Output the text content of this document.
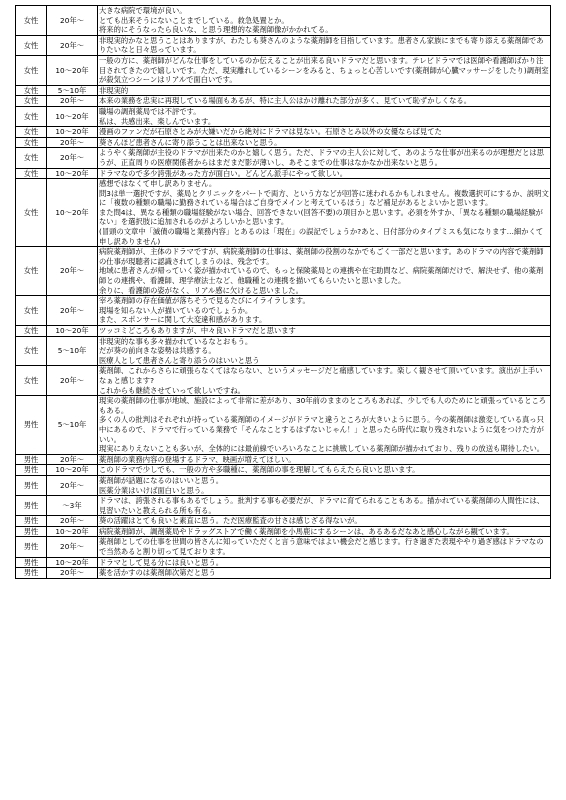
女性	20年～	大きな病院で環境が良い。
とても出来そうにないことまでしている。救急処置とか。
将来的にそうなったら良いな、と思う理想的な薬剤師像がかかれてる。

女性	20年～	非現実的かなと思うことはありますが、わたしも葵さんのような薬剤師を目指しています。患者さん家族にまでも寄り添える薬剤師でありたいなと日々思っています。

女性	10～20年	一般の方に、薬剤師がどんな仕事をしているのか伝えることが出来る良いドラマだと思います。テレビドラマでは医師や看護師ばかり注目されてきたので嬉しいです。ただ、現実離れしているシーンをみると、ちょっと心苦しいです(薬剤師が心臓マッサージをしたり)調剤室が殺気立つシーンはリアルで面白いです。

女性	5～10年	非現実的

女性	20年～	本来の業務を忠実に再現している場面もあるが、特に主人公はかけ離れた部分が多く、見ていて恥ずかしくなる。

女性	10～20年	職場の調剤薬局では不評です。
私は、共感出来、楽しんでいます。

女性	10～20年	漫画のファンだが石原さとみが大嫌いだから絶対にドラマは見ない。石原さとみ以外の女優ならば見てた

女性	20年～	葵さんほど患者さんに寄り添うことは出来ないと思う。

女性	20年～	ようやく薬剤師が主役のドラマが出来たのかと嬉しく思う。ただ、ドラマの主人公に対して、あのような仕事が出来るのが理想だとは思うが、正直周りの医療関係者からはまだまだ影が薄いし、あそこまでの仕事はなかなか出来ないと思う。

女性	10～20年	ドラマなので多少誇張があった方が面白い。どんどん派手にやって欲しい。

女性	10～20年	感想ではなくて申し訳ありません。
問3は単一選択ですが、薬局とクリニックをパートで両方、という方などが回答に迷われるかもしれません。複数選択可にするか、説明文に「複数の種類の職場に勤務されている場合はご自身でメインと考えているほう」など補足があるとよいかと思います。
また問4は、異なる種類の職場経験がない場合、回答できない(回答不要)の項目かと思います。必須を外すか、「異なる種類の職場経験がない」を選択肢に追加されるのがよろしいかと思います。
(冒頭の文章中「滅債の職場と業務内容」とあるのは「現在」の誤記でしょうか?あと、日付部分のタイプミスも気になります…細かくて申し訳ありません)

女性	20年～	病院薬剤師が、主体のドラマですが、病院薬剤師の仕事は、薬剤師の役割のなかでもごく一部だと思います。あのドラマの内容で薬剤師の仕事が現聴者に認識されてしまうのは、残念です。
地域に患者さんが帰っていく姿が描かれているので、もっと保険薬局との連携や在宅助問など、病院薬剤師だけで、解決せず、他の薬剤師との連携や、看護師、理学療法士など、他職種との連携を描いてもらいたいと思いました。
余りに、看護師の姿がなく、リアル感に欠けると思いました。

女性	20年～	宰ろ薬剤師の存在価値が落ちそうで見るたびにイライラします。
現場を知らない人が描いているのでしょうか。
また、スポンサーに関して大変違和感があります。

女性	10～20年	ツッコミどころもありますが、中々良いドラマだと思います

女性	5～10年	非現実的な事も多々描かれているなとおもう。
だが葵の前向きな姿勢は共感する。
医療人として患者さんと寄り添うのはいいと思う

女性	20年～	薬剤師、これからさらに頑張らなくてはならない、というメッセージだと痛感しています。楽しく観させて頂いています。演出が上手いなぁと感じます?
これからも継続させていって欲しいですね。

男性	5～10年	現実の薬剤師の仕事が地域、施設によって非常に差があり、30年前のままのところもあれば、少しでも人のためにと頑張っているところもある。
多くの人の批判はそれぞれが持っている薬剤師のイメージがドラマと違うところが大きいように思う。今の薬剤師は激変している真っ只中にあるので、ドラマで行っている業務で「そんなことするはずないじゃん！」と思ったら時代に取り残されないように気をつけた方がいい。
現実にありえないことも多いが、全体的には最前線でいろいろなことに挑戦している薬剤師が描かれており、残りの放送も期待したい。

男性	20年～	薬剤師の業務内容の登場するドラマ、映画が増えてほしい。

男性	10～20年	このドラマで少しでも、一般の方や多職種に、薬剤師の事を理解してもらえたら良いと思います。

男性	20年～	薬剤師が話題になるのはいいと思う。
医薬分業はいけば面白いと思う。

男性	～3年	ドラマは、誇張される事もあるでしょう。批判する事も必要だが、ドラマに育てられることもある。描かれている薬剤師の人間性には、見習いたいと教えられる所も有る。

男性	20年～	葵の活躍はとても良いと素直に思う。ただ医療監査の甘さは感じざる得ないが。

男性	10～20年	病院薬剤師が、調剤薬局やドラッグストアで働く薬剤師を小馬鹿にするシーンは、あるあるだなあと感心しながら観ています。

男性	20年～	薬剤師としての仕事を世間の皆さんに知っていただくと言う意味ではよい機会だと感じます。行き過ぎた表現ややり過ぎ感はドラマなので当然あると割り切って見ております。

男性	10～20年	ドラマとして見る分には良いと思う。

男性	20年～	薬を活かすのは薬剤師次第だと思う
